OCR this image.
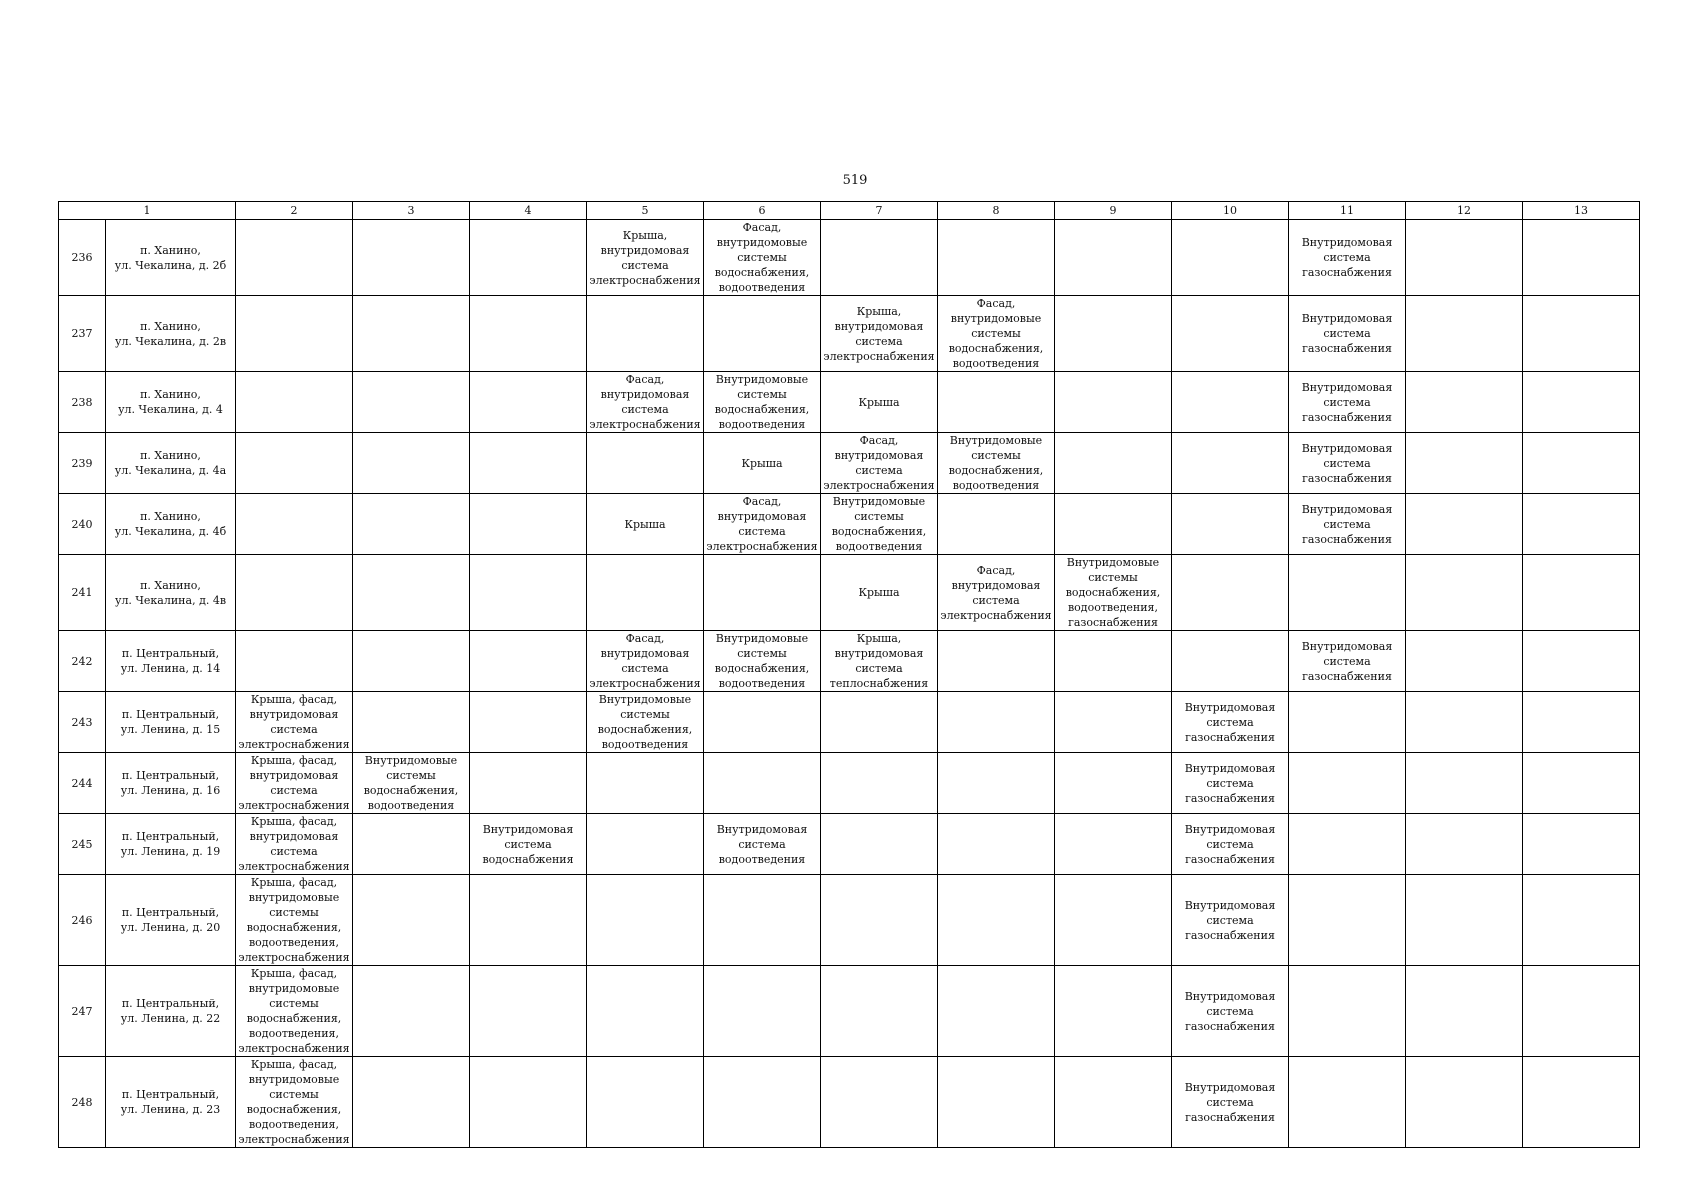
519
1		2	3	4	5	6	7	8	9	10	11	12	13
236	п. Ханино,
ул. Чекалина, д. 2б				Крыша, внутридомовая система электроснабжения	Фасад, внутридомовые системы водоснабжения, водоотведения					Внутридомовая система газоснабжения		
237	п. Ханино,
ул. Чекалина, д. 2в						Крыша, внутридомовая система электроснабжения	Фасад, внутридомовые системы водоснабжения, водоотведения			Внутридомовая система газоснабжения		
238	п. Ханино,
ул. Чекалина, д. 4				Фасад, внутридомовая система электроснабжения	Внутридомовые системы водоснабжения, водоотведения	Крыша				Внутридомовая система газоснабжения		
239	п. Ханино,
ул. Чекалина, д. 4а					Крыша	Фасад, внутридомовая система электроснабжения	Внутридомовые системы водоснабжения, водоотведения			Внутридомовая система газоснабжения		
240	п. Ханино,
ул. Чекалина, д. 4б				Крыша	Фасад, внутридомовая система электроснабжения	Внутридомовые системы водоснабжения, водоотведения				Внутридомовая система газоснабжения		
241	п. Ханино,
ул. Чекалина, д. 4в						Крыша	Фасад, внутридомовая система электроснабжения	Внутридомовые системы водоснабжения, водоотведения, газоснабжения				
242	п. Центральный,
ул. Ленина, д. 14				Фасад, внутридомовая система электроснабжения	Внутридомовые системы водоснабжения, водоотведения	Крыша, внутридомовая система теплоснабжения				Внутридомовая система газоснабжения		
243	п. Центральный,
ул. Ленина, д. 15	Крыша, фасад, внутридомовая система электроснабжения			Внутридомовые системы водоснабжения, водоотведения					Внутридомовая система газоснабжения			
244	п. Центральный,
ул. Ленина, д. 16	Крыша, фасад, внутридомовая система электроснабжения	Внутридомовые системы водоснабжения, водоотведения							Внутридомовая система газоснабжения			
245	п. Центральный,
ул. Ленина, д. 19	Крыша, фасад, внутридомовая система электроснабжения		Внутридомовая система водоснабжения		Внутридомовая система водоотведения				Внутридомовая система газоснабжения			
246	п. Центральный,
ул. Ленина, д. 20	Крыша, фасад, внутридомовые системы водоснабжения, водоотведения, электроснабжения								Внутридомовая система газоснабжения			
247	п. Центральный,
ул. Ленина, д. 22	Крыша, фасад, внутридомовые системы водоснабжения, водоотведения, электроснабжения								Внутридомовая система газоснабжения			
248	п. Центральный,
ул. Ленина, д. 23	Крыша, фасад, внутридомовые системы водоснабжения, водоотведения, электроснабжения								Внутридомовая система газоснабжения			
